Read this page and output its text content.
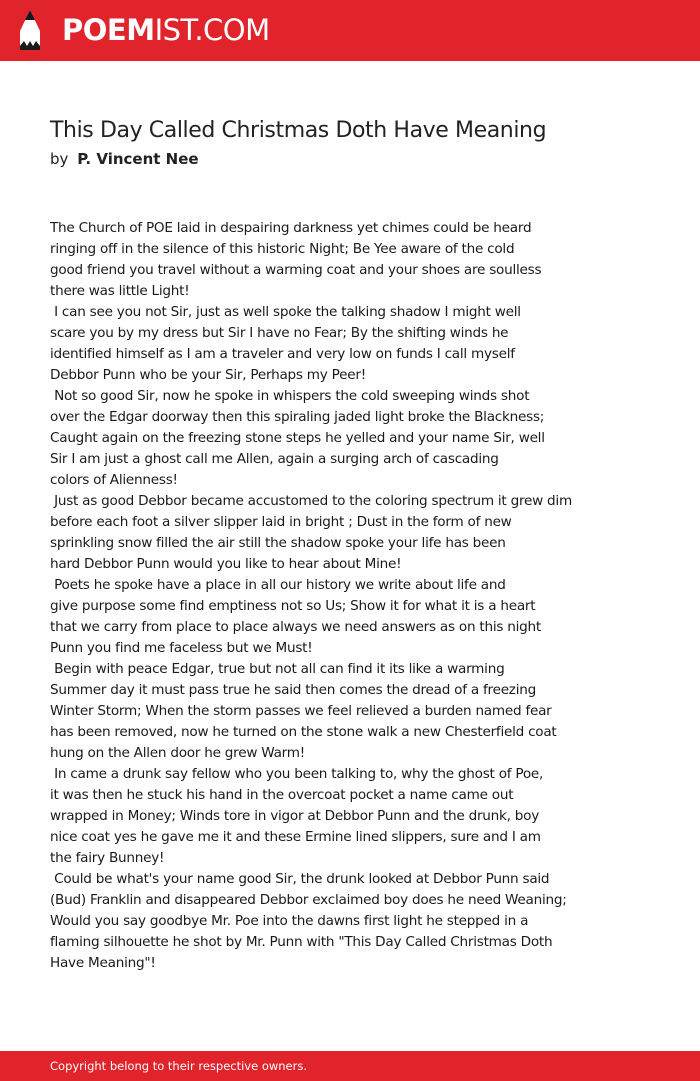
POEMIST.COM
This Day Called Christmas Doth Have Meaning
by P. Vincent Nee
The Church of POE laid in despairing darkness yet chimes could be heard
ringing off in the silence of this historic Night; Be Yee aware of the cold
good friend you travel without a warming coat and your shoes are soulless
there was little Light!
I can see you not Sir, just as well spoke the talking shadow I might well
scare you by my dress but Sir I have no Fear; By the shifting winds he
identified himself as I am a traveler and very low on funds I call myself
Debbor Punn who be your Sir, Perhaps my Peer!
Not so good Sir, now he spoke in whispers the cold sweeping winds shot
over the Edgar doorway then this spiraling jaded light broke the Blackness;
Caught again on the freezing stone steps he yelled and your name Sir, well
Sir I am just a ghost call me Allen, again a surging arch of cascading
colors of Alienness!
Just as good Debbor became accustomed to the coloring spectrum it grew dim
before each foot a silver slipper laid in bright ; Dust in the form of new
sprinkling snow filled the air still the shadow spoke your life has been
hard Debbor Punn would you like to hear about Mine!
Poets he spoke have a place in all our history we write about life and
give purpose some find emptiness not so Us; Show it for what it is a heart
that we carry from place to place always we need answers as on this night
Punn you find me faceless but we Must!
Begin with peace Edgar, true but not all can find it its like a warming
Summer day it must pass true he said then comes the dread of a freezing
Winter Storm; When the storm passes we feel relieved a burden named fear
has been removed, now he turned on the stone walk a new Chesterfield coat
hung on the Allen door he grew Warm!
In came a drunk say fellow who you been talking to, why the ghost of Poe,
it was then he stuck his hand in the overcoat pocket a name came out
wrapped in Money; Winds tore in vigor at Debbor Punn and the drunk, boy
nice coat yes he gave me it and these Ermine lined slippers, sure and I am
the fairy Bunney!
Could be what's your name good Sir, the drunk looked at Debbor Punn said
(Bud) Franklin and disappeared Debbor exclaimed boy does he need Weaning;
Would you say goodbye Mr. Poe into the dawns first light he stepped in a
flaming silhouette he shot by Mr. Punn with "This Day Called Christmas Doth
Have Meaning"!
Copyright belong to their respective owners.
